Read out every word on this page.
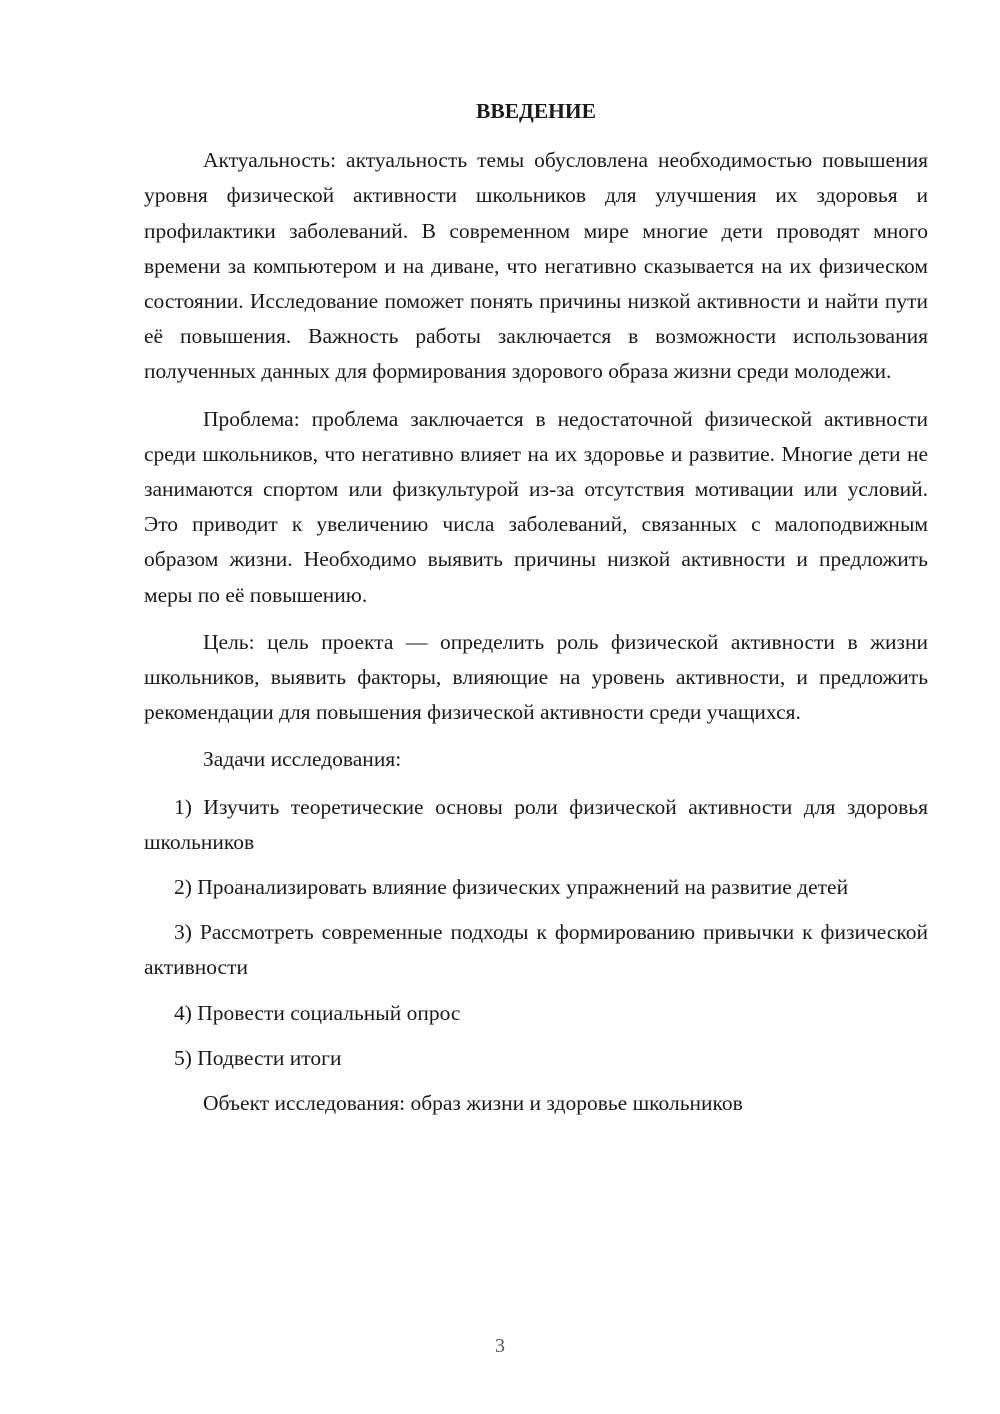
ВВЕДЕНИЕ

Актуальность: актуальность темы обусловлена необходимостью повышения уровня физической активности школьников для улучшения их здоровья и профилактики заболеваний. В современном мире многие дети проводят много времени за компьютером и на диване, что негативно сказывается на их физическом состоянии. Исследование поможет понять причины низкой активности и найти пути её повышения. Важность работы заключается в возможности использования полученных данных для формирования здорового образа жизни среди молодежи.

Проблема: проблема заключается в недостаточной физической активности среди школьников, что негативно влияет на их здоровье и развитие. Многие дети не занимаются спортом или физкультурой из-за отсутствия мотивации или условий. Это приводит к увеличению числа заболеваний, связанных с малоподвижным образом жизни. Необходимо выявить причины низкой активности и предложить меры по её повышению.

Цель: цель проекта — определить роль физической активности в жизни школьников, выявить факторы, влияющие на уровень активности, и предложить рекомендации для повышения физической активности среди учащихся.

Задачи исследования:

1) Изучить теоретические основы роли физической активности для здоровья школьников

2) Проанализировать влияние физических упражнений на развитие детей

3) Рассмотреть современные подходы к формированию привычки к физической активности

4) Провести социальный опрос

5) Подвести итоги

Объект исследования: образ жизни и здоровье школьников

3
